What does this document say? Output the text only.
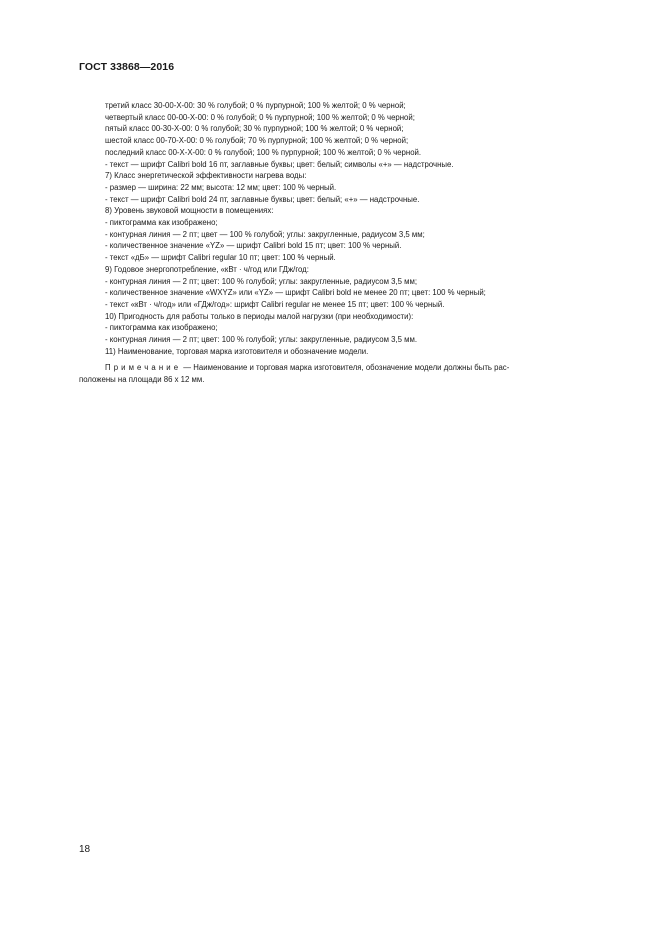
ГОСТ 33868—2016
третий класс 30-00-X-00: 30 % голубой; 0 % пурпурной; 100 % желтой; 0 % черной;
четвертый класс 00-00-X-00: 0 % голубой; 0 % пурпурной; 100 % желтой; 0 % черной;
пятый класс 00-30-X-00: 0 % голубой; 30 % пурпурной; 100 % желтой; 0 % черной;
шестой класс 00-70-X-00: 0 % голубой; 70 % пурпурной; 100 % желтой; 0 % черной;
последний класс 00-X-X-00: 0 % голубой; 100 % пурпурной; 100 % желтой; 0 % черной.
- текст — шрифт Calibri bold 16 пт, заглавные буквы; цвет: белый; символы «+» — надстрочные.
7) Класс энергетической эффективности нагрева воды:
- размер — ширина: 22 мм; высота: 12 мм; цвет: 100 % черный.
- текст — шрифт Calibri bold 24 пт, заглавные буквы; цвет: белый; «+» — надстрочные.
8) Уровень звуковой мощности в помещениях:
- пиктограмма как изображено;
- контурная линия — 2 пт; цвет — 100 % голубой; углы: закругленные, радиусом 3,5 мм;
- количественное значение «YZ» — шрифт Calibri bold 15 пт; цвет: 100 % черный.
- текст «дБ» — шрифт Calibri regular 10 пт; цвет: 100 % черный.
9) Годовое энергопотребление, «кВт · ч/год или ГДж/год:
- контурная линия — 2 пт; цвет: 100 % голубой; углы: закругленные, радиусом 3,5 мм;
- количественное значение «WXYZ» или «YZ» — шрифт Calibri bold не менее 20 пт; цвет: 100 % черный;
- текст «кВт · ч/год» или «ГДж/год»: шрифт Calibri regular не менее 15 пт; цвет: 100 % черный.
10) Пригодность для работы только в периоды малой нагрузки (при необходимости):
- пиктограмма как изображено;
- контурная линия — 2 пт; цвет: 100 % голубой; углы: закругленные, радиусом 3,5 мм.
11) Наименование, торговая марка изготовителя и обозначение модели.
Примечание — Наименование и торговая марка изготовителя, обозначение модели должны быть рас-
положены на площади 86 x 12 мм.
18
